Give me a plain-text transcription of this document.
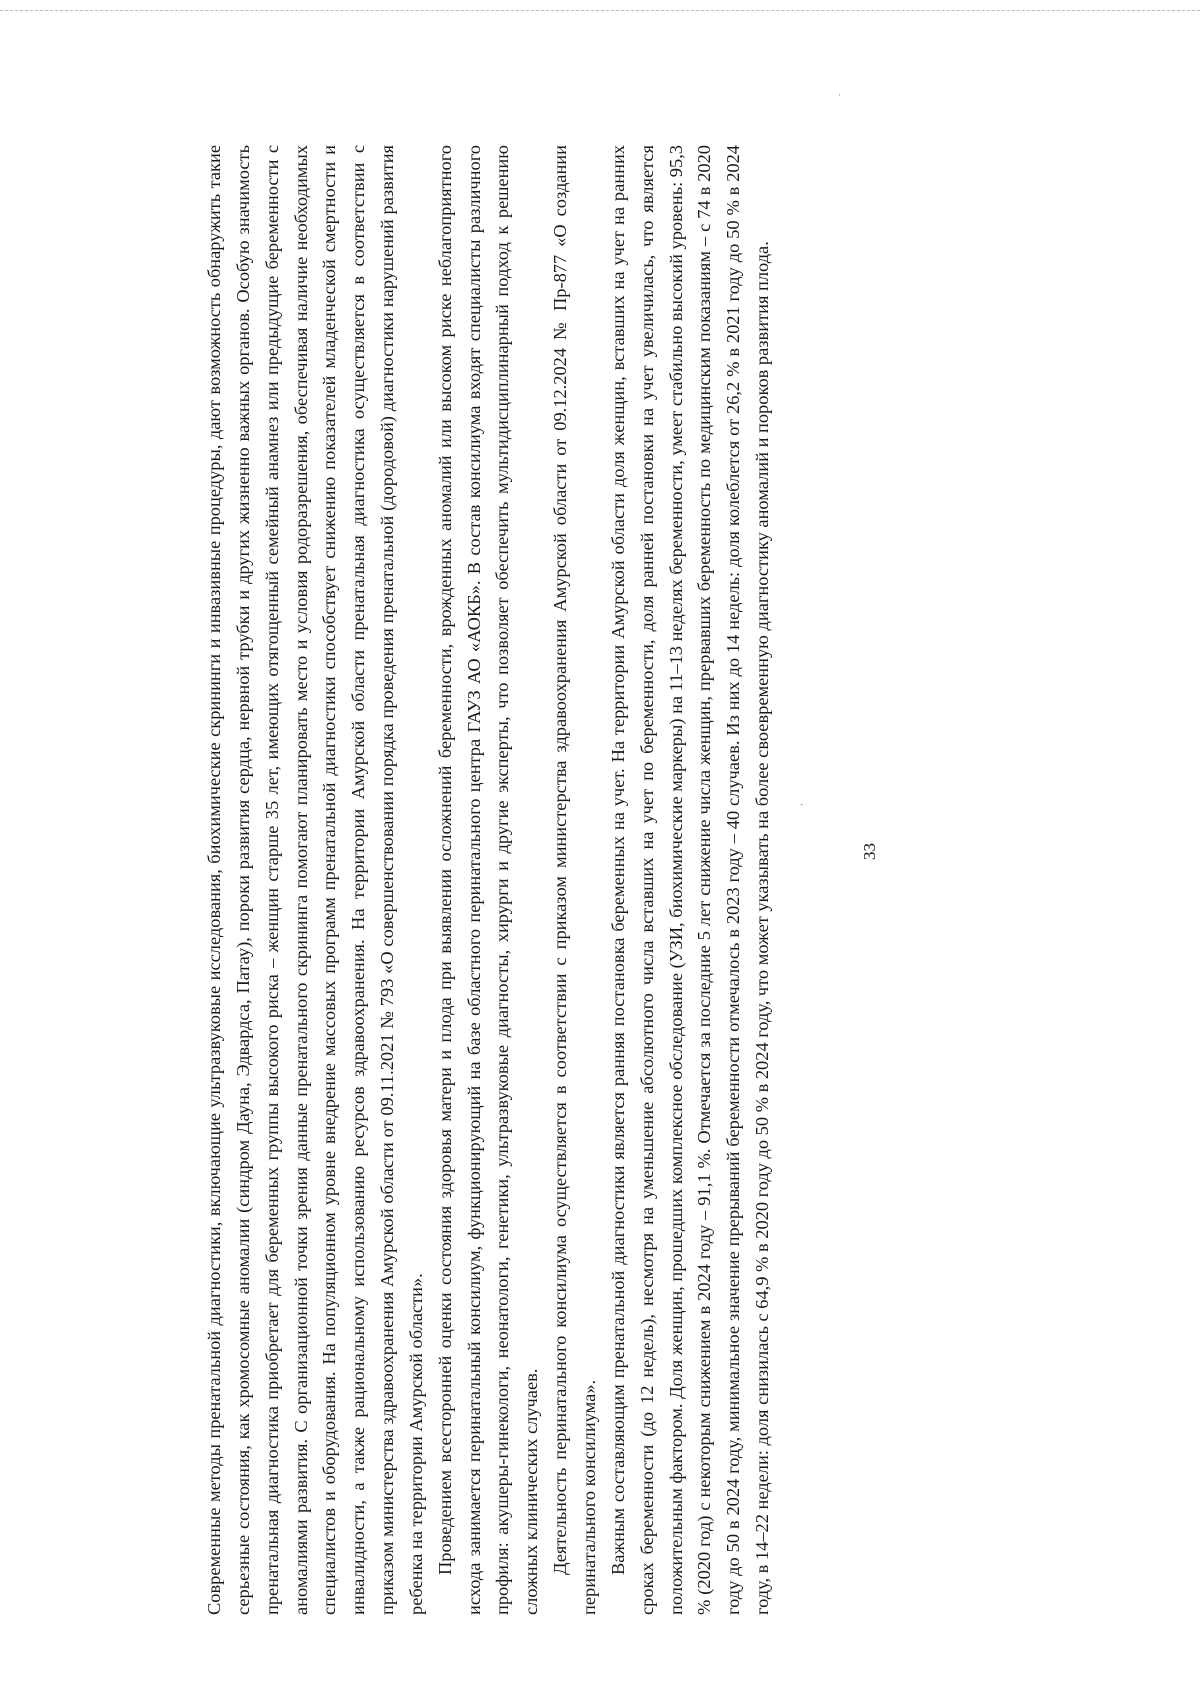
33

Современные методы пренатальной диагностики, включающие ультразвуковые исследования, биохимические скрининги и инвазивные процедуры, дают возможность обнаружить такие серьезные состояния, как хромосомные аномалии (синдром Дауна, Эдвардса, Патау), пороки развития сердца, нервной трубки и других жизненно важных органов. Особую значимость пренатальная диагностика приобретает для беременных группы высокого риска – женщин старше 35 лет, имеющих отягощенный семейный анамнез или предыдущие беременности с аномалиями развития. С организационной точки зрения данные пренатального скрининга помогают планировать место и условия родоразрешения, обеспечивая наличие необходимых специалистов и оборудования. На популяционном уровне внедрение массовых программ пренатальной диагностики способствует снижению показателей младенческой смертности и инвалидности, а также рациональному использованию ресурсов здравоохранения. На территории Амурской области пренатальная диагностика осуществляется в соответствии с приказом министерства здравоохранения Амурской области от 09.11.2021 № 793 «О совершенствовании порядка проведения пренатальной (дородовой) диагностики нарушений развития ребенка на территории Амурской области». Проведением всесторонней оценки состояния здоровья матери и плода при выявлении осложнений беременности, врожденных аномалий или высоком риске неблагоприятного исхода занимается перинатальный консилиум, функционирующий на базе областного перинатального центра ГАУЗ АО «АОКБ». В состав консилиума входят специалисты различного профиля: акушеры-гинекологи, неонатологи, генетики, ультразвуковые диагносты, хирурги и другие эксперты, что позволяет обеспечить мультидисциплинарный подход к решению сложных клинических случаев. Деятельность перинатального консилиума осуществляется в соответствии с приказом министерства здравоохранения Амурской области от 09.12.2024 № Пр-877 «О создании перинатального консилиума». Важным составляющим пренатальной диагностики является ранняя постановка беременных на учет. На территории Амурской области доля женщин, вставших на учет на ранних сроках беременности (до 12 недель), несмотря на уменьшение абсолютного числа вставших на учет по беременности, доля ранней постановки на учет увеличилась, что является положительным фактором. Доля женщин, прошедших комплексное обследование (УЗИ, биохимические маркеры) на 11–13 неделях беременности, умеет стабильно высокий уровень: 95,3 % (2020 год) с некоторым снижением в 2024 году – 91,1 %. Отмечается за последние 5 лет снижение числа женщин, прервавших беременность по медицинским показаниям – с 74 в 2020 году до 50 в 2024 году, минимальное значение прерываний беременности отмечалось в 2023 году – 40 случаев. Из них до 14 недель: доля колеблется от 26,2 % в 2021 году до 50 % в 2024 году, в 14–22 недели: доля снизилась с 64,9 % в 2020 году до 50 % в 2024 году, что может указывать на более своевременную диагностику аномалий и пороков развития плода.

ˌ
ˏ
